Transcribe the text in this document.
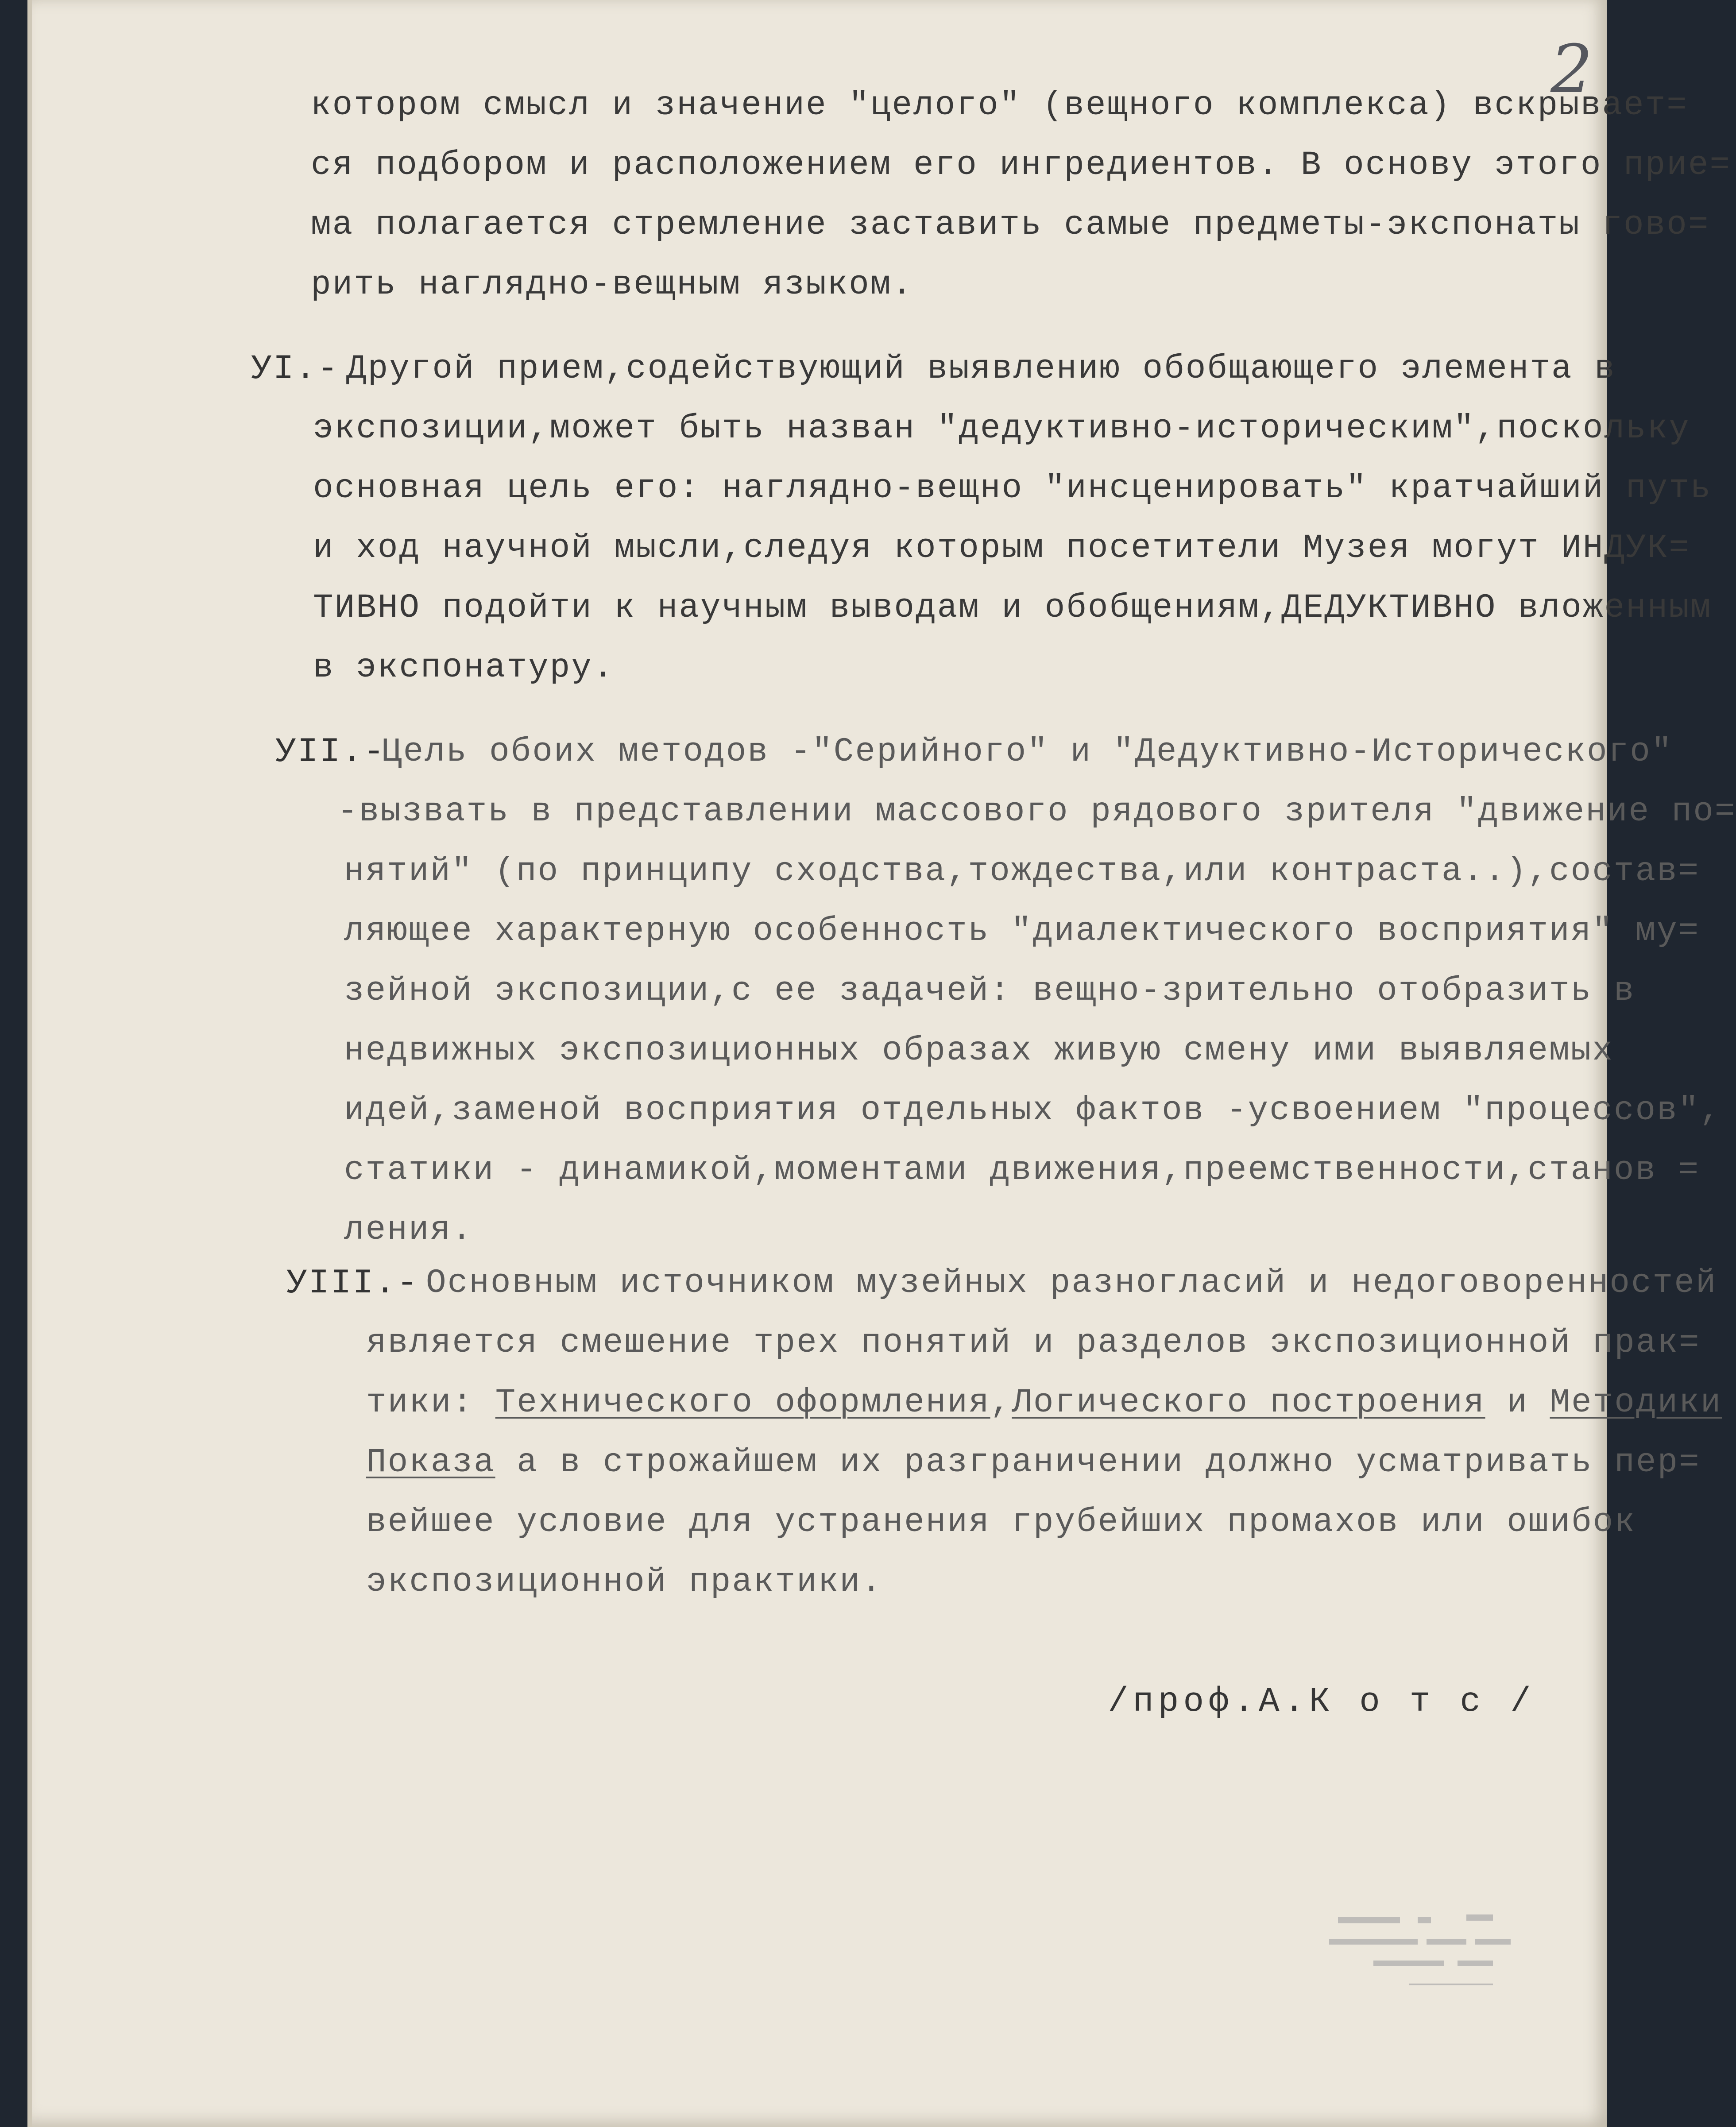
2
котором смысл и значение "целого" (вещного комплекса) вскрывает=
ся подбором и расположением его ингредиентов. В основу этого прие=
ма полагается стремление заставить самые предметы-экспонаты гово=
рить наглядно-вещным языком.
УI.- Другой прием,содействующий выявлению обобщающего элемента в
экспозиции,может быть назван "дедуктивно-историческим",поскольку
основная цель его: наглядно-вещно "инсценировать" кратчайший путь
и ход научной мысли,следуя которым посетители Музея могут ИНДУК=
ТИВНО подойти к научным выводам и обобщениям,ДЕДУКТИВНО вложенным
в экспонатуру.
УII.-
Цель обоих методов -"Серийного" и "Дедуктивно-Исторического"
-вызвать в представлении массового рядового зрителя "движение по=
нятий" (по принципу сходства,тождества,или контраста..),состав=
ляющее характерную особенность "диалектического восприятия" му=
зейной экспозиции,с ее задачей: вещно-зрительно отобразить в
недвижных экспозиционных образах живую смену ими выявляемых
идей,заменой восприятия отдельных фактов -усвоением "процессов",
статики - динамикой,моментами движения,преемственности,станов =
ления.
УIII.- Основным источником музейных разногласий и недоговоренностей
является смешение трех понятий и разделов экспозиционной прак=
тики: Технического оформления,Логического построения и Методики
Показа а в строжайшем их разграничении должно усматривать пер=
вейшее условие для устранения грубейших промахов или ошибок
экспозиционной практики.
/проф.А.К о т с /
